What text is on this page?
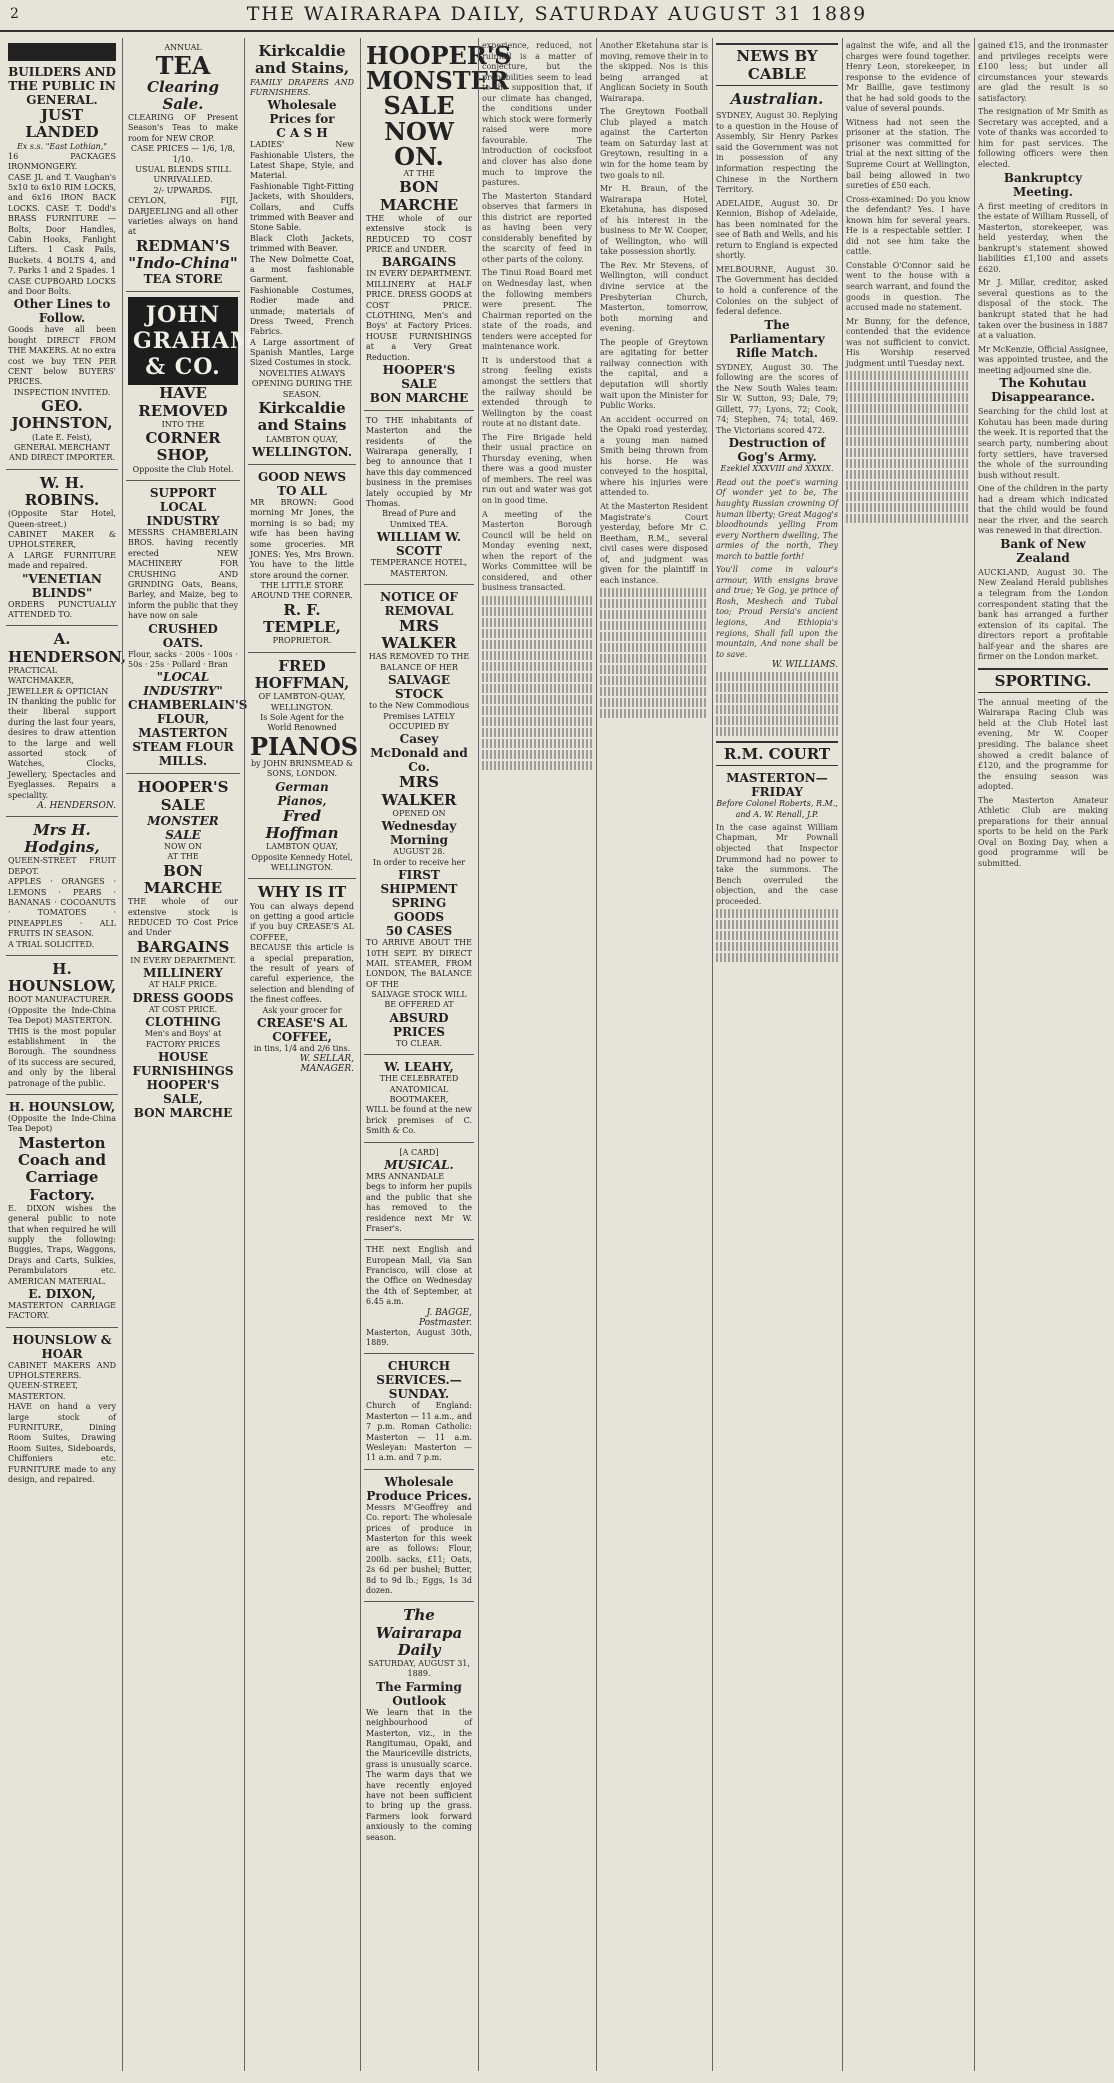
2	THE WAIRARAPA DAILY, SATURDAY AUGUST 31 1889
BUILDERS AND THE PUBLIC IN GENERAL.
JUST LANDED
Ex s.s. "East Lothian,"
16 PACKAGES IRONMONGERY.
CASE JL and T. Vaughan's 5x10 to 6x10 RIM LOCKS, and 6x16 IRON BACK LOCKS. CASE T. Dodd's BRASS FURNITURE — Bolts, Door Handles, Cabin Hooks, Fanlight Lifters. 1 Cask Pails, Buckets. 4 BOLTS 4, and 7. Parks 1 and 2 Spades. 1 CASE CUPBOARD LOCKS and Door Bolts.
Other Lines to Follow.
Goods have all been bought DIRECT FROM THE MAKERS. At no extra cost we buy TEN PER CENT below BUYERS' PRICES.
INSPECTION INVITED.
GEO. JOHNSTON,
(Late E. Feist),
GENERAL MERCHANT AND DIRECT IMPORTER.
W. H. ROBINS.
(Opposite Star Hotel, Queen-street.)
CABINET MAKER & UPHOLSTERER,
A LARGE FURNITURE made and repaired.
"VENETIAN BLINDS"
ORDERS PUNCTUALLY ATTENDED TO.
A. HENDERSON,
PRACTICAL WATCHMAKER, JEWELLER & OPTICIAN
IN thanking the public for their liberal support during the last four years, desires to draw attention to the large and well assorted stock of Watches, Clocks, Jewellery, Spectacles and Eyeglasses. Repairs a speciality.
A. HENDERSON.
Mrs H. Hodgins,
QUEEN-STREET FRUIT DEPOT.
APPLES · ORANGES · LEMONS · PEARS · BANANAS · COCOANUTS · TOMATOES · PINEAPPLES · ALL FRUITS IN SEASON.
A TRIAL SOLICITED.
H. HOUNSLOW,
BOOT MANUFACTURER.
(Opposite the Inde-China Tea Depot) MASTERTON.
THIS is the most popular establishment in the Borough. The soundness of its success are secured, and only by the liberal patronage of the public.
H. HOUNSLOW,
(Opposite the Inde-China Tea Depot)
Masterton Coach and Carriage Factory.
E. DIXON wishes the general public to note that when required he will supply the following: Buggies, Traps, Waggons, Drays and Carts, Sulkies, Perambulators etc. AMERICAN MATERIAL.
E. DIXON,
MASTERTON CARRIAGE FACTORY.
HOUNSLOW & HOAR
CABINET MAKERS AND UPHOLSTERERS.
QUEEN-STREET, MASTERTON.
HAVE on hand a very large stock of FURNITURE, Dining Room Suites, Drawing Room Suites, Sideboards, Chiffoniers etc. FURNITURE made to any design, and repaired.
ANNUAL
TEA
Clearing Sale.
CLEARING OF Present Season's Teas to make room for NEW CROP.
CASE PRICES — 1/6, 1/8, 1/10.
USUAL BLENDS STILL UNRIVALLED.
2/- UPWARDS.
CEYLON, FIJI, DARJEELING and all other varieties always on hand at
REDMAN'S
"Indo-China"
TEA STORE
JOHN GRAHAM & CO.
HAVE REMOVED
INTO THE
CORNER SHOP,
Opposite the Club Hotel.
SUPPORT LOCAL INDUSTRY
MESSRS CHAMBERLAIN BROS. having recently erected NEW MACHINERY FOR CRUSHING AND GRINDING Oats, Beans, Barley, and Maize, beg to inform the public that they have now on sale
CRUSHED OATS.
Flour, sacks · 200s · 100s · 50s · 25s · Pollard · Bran
"LOCAL INDUSTRY"
CHAMBERLAIN'S FLOUR,
MASTERTON STEAM FLOUR MILLS.
HOOPER'S SALE
MONSTER SALE
NOW ON
AT THE
BON MARCHE
THE whole of our extensive stock is REDUCED TO Cost Price and Under
BARGAINS
IN EVERY DEPARTMENT.
MILLINERY
AT HALF PRICE.
DRESS GOODS
AT COST PRICE.
CLOTHING
Men's and Boys' at FACTORY PRICES
HOUSE FURNISHINGS
HOOPER'S SALE,
BON MARCHE
Kirkcaldie and Stains,
FAMILY DRAPERS AND FURNISHERS.
Wholesale Prices for
C A S H
LADIES' New Fashionable Ulsters, the Latest Shape, Style, and Material.
Fashionable Tight-Fitting Jackets, with Shoulders, Collars, and Cuffs trimmed with Beaver and Stone Sable.
Black Cloth Jackets, trimmed with Beaver.
The New Dolmette Coat, a most fashionable Garment.
Fashionable Costumes, Rodier made and unmade; materials of Dress Tweed, French Fabrics.
A Large assortment of Spanish Mantles, Large Sized Costumes in stock.
NOVELTIES ALWAYS OPENING DURING THE SEASON.
Kirkcaldie and Stains
LAMBTON QUAY,
WELLINGTON.
GOOD NEWS TO ALL
MR BROWN: Good morning Mr Jones, the morning is so bad; my wife has been having some groceries. MR JONES: Yes, Mrs Brown. You have to the little store around the corner.
THE LITTLE STORE AROUND THE CORNER.
R. F. TEMPLE,
PROPRIETOR.
FRED HOFFMAN,
OF LAMBTON-QUAY, WELLINGTON.
Is Sole Agent for the World Renowned
PIANOS
by JOHN BRINSMEAD & SONS, LONDON.
German Pianos,
Fred Hoffman
LAMBTON QUAY, Opposite Kennedy Hotel, WELLINGTON.
WHY IS IT
You can always depend on getting a good article if you buy CREASE'S AL COFFEE,
BECAUSE this article is a special preparation, the result of years of careful experience, the selection and blending of the finest coffees.
Ask your grocer for
CREASE'S AL COFFEE,
in tins, 1/4 and 2/6 tins.
W. SELLAR, MANAGER.
HOOPER'S
MONSTER
SALE
NOW ON.
AT THE
BON MARCHE
THE whole of our extensive stock is REDUCED TO COST PRICE and UNDER.
BARGAINS
IN EVERY DEPARTMENT.
MILLINERY at HALF PRICE. DRESS GOODS at COST PRICE. CLOTHING, Men's and Boys' at Factory Prices. HOUSE FURNISHINGS at a Very Great Reduction.
HOOPER'S SALE
BON MARCHE
TO THE inhabitants of Masterton and the residents of the Wairarapa generally, I beg to announce that I have this day commenced business in the premises lately occupied by Mr Thomas.
Bread of Pure and Unmixed TEA.
WILLIAM W. SCOTT
TEMPERANCE HOTEL, MASTERTON.
NOTICE OF REMOVAL
MRS WALKER
HAS REMOVED TO THE BALANCE OF HER
SALVAGE STOCK
to the New Commodious Premises LATELY OCCUPIED BY
Casey McDonald and Co.
MRS WALKER
OPENED ON
Wednesday Morning
AUGUST 28.
In order to receive her
FIRST SHIPMENT
SPRING GOODS
50 CASES
TO ARRIVE ABOUT THE 10TH SEPT. BY DIRECT MAIL STEAMER, FROM LONDON, The BALANCE OF THE
SALVAGE STOCK WILL BE OFFERED AT
ABSURD PRICES
TO CLEAR.
W. LEAHY,
THE CELEBRATED ANATOMICAL BOOTMAKER,
WILL be found at the new brick premises of C. Smith & Co.
[A CARD]
MUSICAL.
MRS ANNANDALE
begs to inform her pupils and the public that she has removed to the residence next Mr W. Fraser's.
THE next English and European Mail, via San Francisco, will close at the Office on Wednesday the 4th of September, at 6.45 a.m.
J. BAGGE,
Postmaster.
Masterton, August 30th, 1889.
CHURCH SERVICES.—SUNDAY.
Church of England: Masterton — 11 a.m., and 7 p.m. Roman Catholic: Masterton — 11 a.m. Wesleyan: Masterton — 11 a.m. and 7 p.m.
Wholesale Produce Prices.
Messrs M'Geoffrey and Co. report: The wholesale prices of produce in Masterton for this week are as follows: Flour, 200lb. sacks, £11; Oats, 2s 6d per bushel; Butter, 8d to 9d lb.; Eggs, 1s 3d dozen.
The Wairarapa Daily
SATURDAY, AUGUST 31, 1889.
The Farming Outlook
We learn that in the neighbourhood of Masterton, viz., in the Rangitumau, Opaki, and the Mauriceville districts, grass is unusually scarce. The warm days that we have recently enjoyed have not been sufficient to bring up the grass. Farmers look forward anxiously to the coming season.
experience, reduced, not ruinfall is a matter of conjecture, but the probabilities seem to lead to the supposition that, if our climate has changed, the conditions under which stock were formerly raised were more favourable. The introduction of cocksfoot and clover has also done much to improve the pastures.
The Masterton Standard observes that farmers in this district are reported as having been very considerably benefited by the scarcity of feed in other parts of the colony.
The Tinui Road Board met on Wednesday last, when the following members were present. The Chairman reported on the state of the roads, and tenders were accepted for maintenance work.
It is understood that a strong feeling exists amongst the settlers that the railway should be extended through to Wellington by the coast route at no distant date.
The Fire Brigade held their usual practice on Thursday evening, when there was a good muster of members. The reel was run out and water was got on in good time.
A meeting of the Masterton Borough Council will be held on Monday evening next, when the report of the Works Committee will be considered, and other business transacted.
Another Eketahuna star is moving, remove their in to the skipped. Nos is this being arranged at Anglican Society in South Wairarapa.
The Greytown Football Club played a match against the Carterton team on Saturday last at Greytown, resulting in a win for the home team by two goals to nil.
Mr H. Braun, of the Wairarapa Hotel, Eketahuna, has disposed of his interest in the business to Mr W. Cooper, of Wellington, who will take possession shortly.
The Rev. Mr Stevens, of Wellington, will conduct divine service at the Presbyterian Church, Masterton, tomorrow, both morning and evening.
The people of Greytown are agitating for better railway connection with the capital, and a deputation will shortly wait upon the Minister for Public Works.
An accident occurred on the Opaki road yesterday, a young man named Smith being thrown from his horse. He was conveyed to the hospital, where his injuries were attended to.
At the Masterton Resident Magistrate's Court yesterday, before Mr C. Beetham, R.M., several civil cases were disposed of, and judgment was given for the plaintiff in each instance.
NEWS BY CABLE
Australian.
SYDNEY, August 30. Replying to a question in the House of Assembly, Sir Henry Parkes said the Government was not in possession of any information respecting the Chinese in the Northern Territory.
ADELAIDE, August 30. Dr Kennion, Bishop of Adelaide, has been nominated for the see of Bath and Wells, and his return to England is expected shortly.
MELBOURNE, August 30. The Government has decided to hold a conference of the Colonies on the subject of federal defence.
The Parliamentary Rifle Match.
SYDNEY, August 30. The following are the scores of the New South Wales team: Sir W. Sutton, 93; Dale, 79; Gillett, 77; Lyons, 72; Cook, 74; Stephen, 74; total, 469. The Victorians scored 472.
Destruction of Gog's Army.
Ezekiel XXXVIII and XXXIX.
Read out the poet's warning Of wonder yet to be, The haughty Russian crowning Of human liberty; Great Magog's bloodhounds yelling From every Northern dwelling, The armies of the north, They march to battle forth!
You'll come in valour's armour, With ensigns brave and true; Ye Gog, ye prince of Rosh, Meshech and Tubal too; Proud Persia's ancient legions, And Ethiopia's regions, Shall fall upon the mountain, And none shall be to save.
W. WILLIAMS.
R.M. COURT
MASTERTON—FRIDAY
Before Colonel Roberts, R.M., and A. W. Renall, J.P.
In the case against William Chapman, Mr Pownall objected that Inspector Drummond had no power to take the summons. The Bench overruled the objection, and the case proceeded.
against the wife, and all the charges were found together. Henry Leon, storekeeper, in response to the evidence of Mr Baillie, gave testimony that he had sold goods to the value of several pounds.
Witness had not seen the prisoner at the station. The prisoner was committed for trial at the next sitting of the Supreme Court at Wellington, bail being allowed in two sureties of £50 each.
Cross-examined: Do you know the defendant? Yes. I have known him for several years. He is a respectable settler. I did not see him take the cattle.
Constable O'Connor said he went to the house with a search warrant, and found the goods in question. The accused made no statement.
Mr Bunny, for the defence, contended that the evidence was not sufficient to convict. His Worship reserved judgment until Tuesday next.
gained £15, and the ironmaster and privileges receipts were £100 less; but under all circumstances your stewards are glad the result is so satisfactory.
The resignation of Mr Smith as Secretary was accepted, and a vote of thanks was accorded to him for past services. The following officers were then elected.
Bankruptcy Meeting.
A first meeting of creditors in the estate of William Russell, of Masterton, storekeeper, was held yesterday, when the bankrupt's statement showed liabilities £1,100 and assets £620.
Mr J. Millar, creditor, asked several questions as to the disposal of the stock. The bankrupt stated that he had taken over the business in 1887 at a valuation.
Mr McKenzie, Official Assignee, was appointed trustee, and the meeting adjourned sine die.
The Kohutau Disappearance.
Searching for the child lost at Kohutau has been made during the week. It is reported that the search party, numbering about forty settlers, have traversed the whole of the surrounding bush without result.
One of the children in the party had a dream which indicated that the child would be found near the river, and the search was renewed in that direction.
Bank of New Zealand
AUCKLAND, August 30. The New Zealand Herald publishes a telegram from the London correspondent stating that the bank has arranged a further extension of its capital. The directors report a profitable half-year and the shares are firmer on the London market.
SPORTING.
The annual meeting of the Wairarapa Racing Club was held at the Club Hotel last evening, Mr W. Cooper presiding. The balance sheet showed a credit balance of £120, and the programme for the ensuing season was adopted.
The Masterton Amateur Athletic Club are making preparations for their annual sports to be held on the Park Oval on Boxing Day, when a good programme will be submitted.
